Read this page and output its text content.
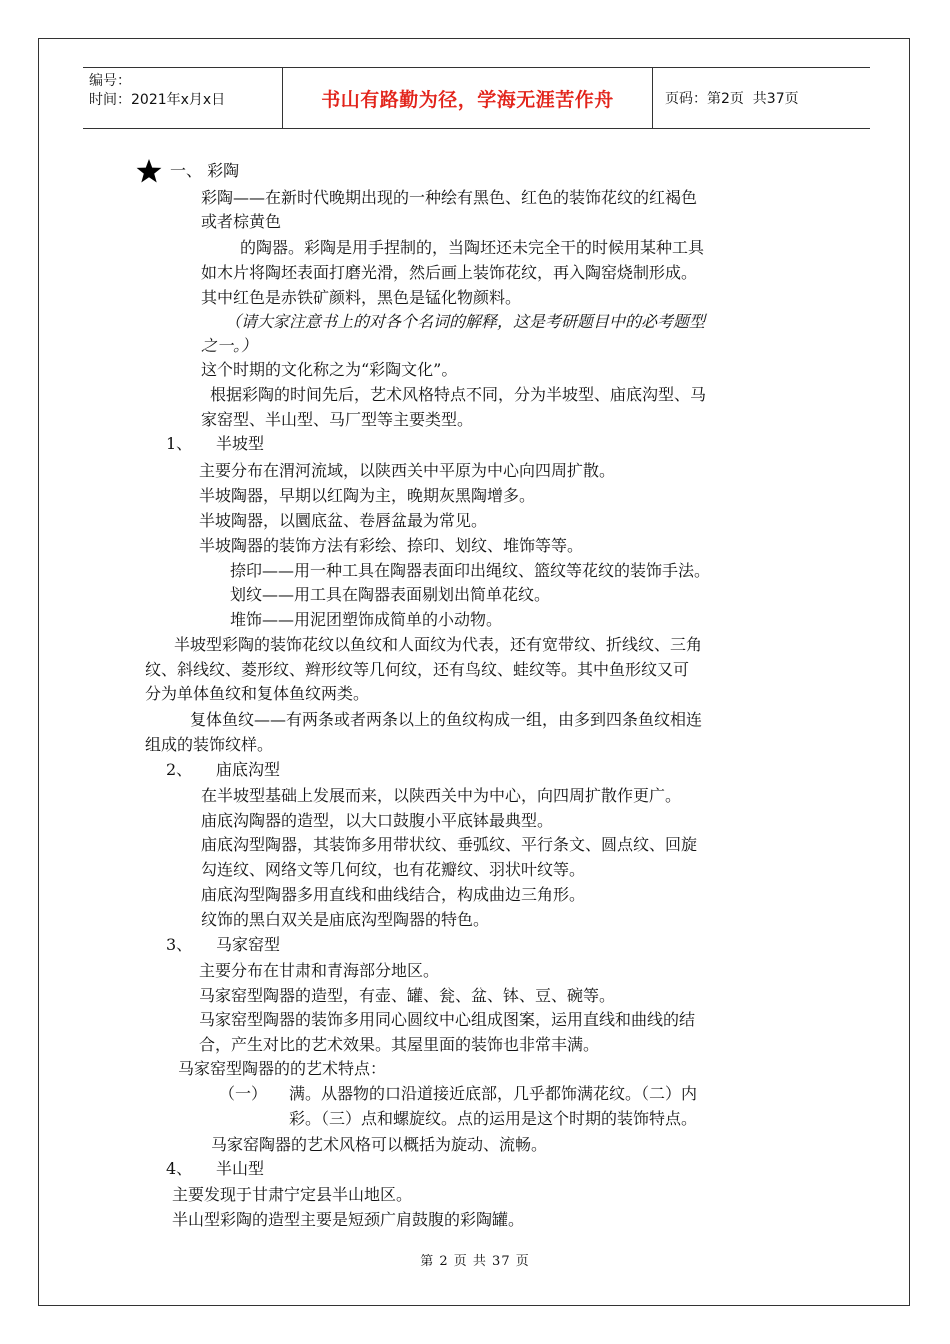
编号：
时间：2021年x月x日	书山有路勤为径，学海无涯苦作舟	页码：第2页  共37页
一、 彩陶
彩陶——在新时代晚期出现的一种绘有黑色、红色的装饰花纹的红褐色
或者棕黄色
的陶器。彩陶是用手捏制的，当陶坯还未完全干的时候用某种工具
如木片将陶坯表面打磨光滑，然后画上装饰花纹，再入陶窑烧制形成。
其中红色是赤铁矿颜料，黑色是锰化物颜料。
（请大家注意书上的对各个名词的解释，这是考研题目中的必考题型
之一。）
这个时期的文化称之为“彩陶文化”。
根据彩陶的时间先后，艺术风格特点不同，分为半坡型、庙底沟型、马
家窑型、半山型、马厂型等主要类型。
1、 半坡型
主要分布在渭河流域，以陕西关中平原为中心向四周扩散。
半坡陶器，早期以红陶为主，晚期灰黑陶增多。
半坡陶器，以圜底盆、卷唇盆最为常见。
半坡陶器的装饰方法有彩绘、捺印、划纹、堆饰等等。
捺印——用一种工具在陶器表面印出绳纹、篮纹等花纹的装饰手法。
划纹——用工具在陶器表面剔划出简单花纹。
堆饰——用泥团塑饰成简单的小动物。
半坡型彩陶的装饰花纹以鱼纹和人面纹为代表，还有宽带纹、折线纹、三角
纹、斜线纹、菱形纹、辫形纹等几何纹，还有鸟纹、蛙纹等。其中鱼形纹又可
分为单体鱼纹和复体鱼纹两类。
复体鱼纹——有两条或者两条以上的鱼纹构成一组，由多到四条鱼纹相连
组成的装饰纹样。
2、 庙底沟型
在半坡型基础上发展而来，以陕西关中为中心，向四周扩散作更广。
庙底沟陶器的造型，以大口鼓腹小平底钵最典型。
庙底沟型陶器，其装饰多用带状纹、垂弧纹、平行条文、圆点纹、回旋
勾连纹、网络文等几何纹，也有花瓣纹、羽状叶纹等。
庙底沟型陶器多用直线和曲线结合，构成曲边三角形。
纹饰的黑白双关是庙底沟型陶器的特色。
3、 马家窑型
主要分布在甘肃和青海部分地区。
马家窑型陶器的造型，有壶、罐、瓮、盆、钵、豆、碗等。
马家窑型陶器的装饰多用同心圆纹中心组成图案，运用直线和曲线的结
合，产生对比的艺术效果。其屋里面的装饰也非常丰满。
马家窑型陶器的的艺术特点：
（一） 满。从器物的口沿道接近底部，几乎都饰满花纹。（二）内
彩。（三）点和螺旋纹。点的运用是这个时期的装饰特点。
马家窑陶器的艺术风格可以概括为旋动、流畅。
4、 半山型
主要发现于甘肃宁定县半山地区。
半山型彩陶的造型主要是短颈广肩鼓腹的彩陶罐。
第 2 页 共 37 页
